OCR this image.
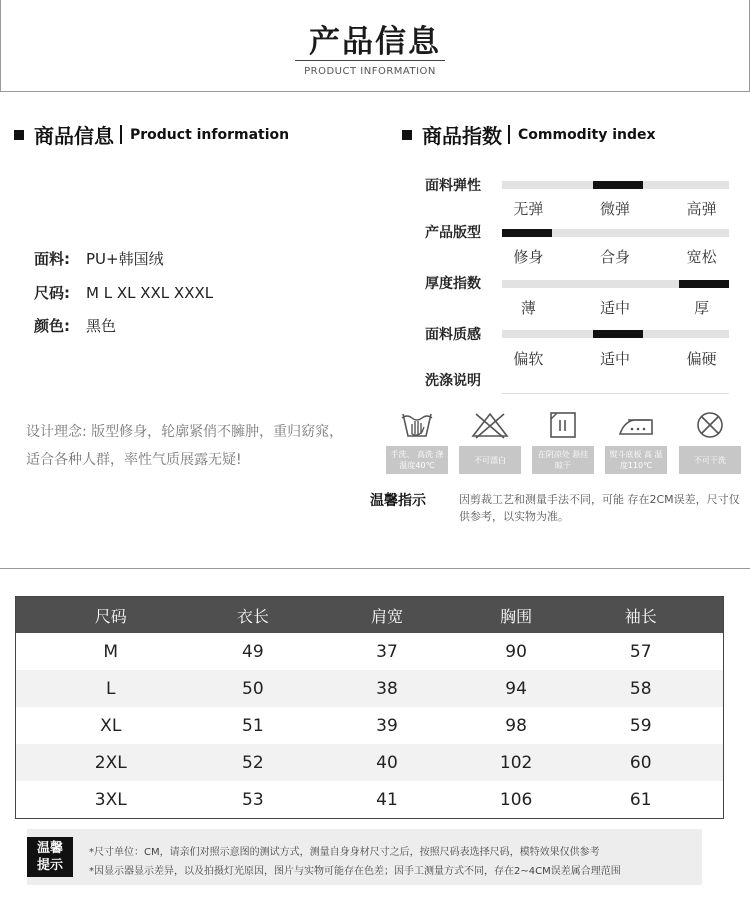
产品信息
PRODUCT INFORMATION
商品信息 Product information
面料: PU+韩国绒
尺码: M L XL XXL XXXL
颜色: 黑色
设计理念: 版型修身，轮廓紧俏不臃肿，重归窈窕，适合各种人群，率性气质展露无疑!
商品指数 Commodity index
面料弹性
无弹	微弹	高弹
产品版型
修身	合身	宽松
厚度指数
薄	适中	厚
面料质感
偏软	适中	偏硬
洗涤说明
手洗、 高洗 涤温度40℃
不可漂白
在阴凉处 悬挂晾干
熨斗底板 高 温度110℃
不可干洗
温馨指示	因剪裁工艺和测量手法不同，可能 存在2CM误差，尺寸仅供参考，以实物为准。
尺码	衣长	肩宽	胸围	袖长
M	49	37	90	57
L	50	38	94	58
XL	51	39	98	59
2XL	52	40	102	60
3XL	53	41	106	61
温馨
提示
*尺寸单位：CM，请亲们对照示意图的测试方式，测量自身身材尺寸之后，按照尺码表选择尺码，模特效果仅供参考
*因显示器显示差异，以及拍摄灯光原因，图片与实物可能存在色差；因手工测量方式不同，存在2~4CM误差属合理范围
